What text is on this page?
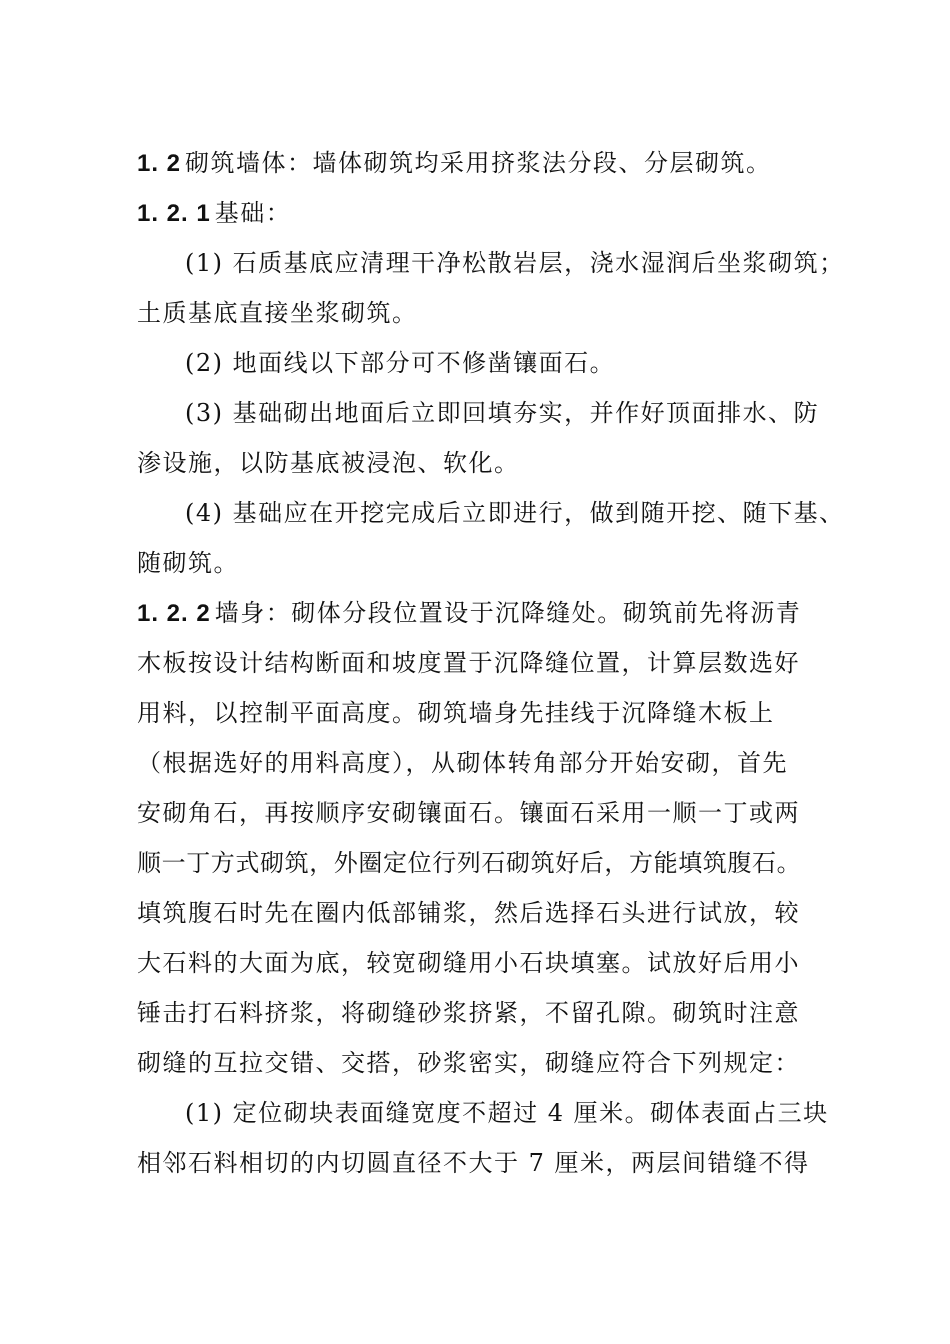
1. 2 砌筑墙体：墙体砌筑均采用挤浆法分段、分层砌筑。
1. 2. 1 基础：
(1) 石质基底应清理干净松散岩层，浇水湿润后坐浆砌筑；
土质基底直接坐浆砌筑。
(2) 地面线以下部分可不修凿镶面石。
(3) 基础砌出地面后立即回填夯实，并作好顶面排水、防
渗设施，以防基底被浸泡、软化。
(4) 基础应在开挖完成后立即进行，做到随开挖、随下基、
随砌筑。
1. 2. 2 墙身：砌体分段位置设于沉降缝处。砌筑前先将沥青
木板按设计结构断面和坡度置于沉降缝位置，计算层数选好
用料，以控制平面高度。砌筑墙身先挂线于沉降缝木板上
（根据选好的用料高度），从砌体转角部分开始安砌，首先
安砌角石，再按顺序安砌镶面石。镶面石采用一顺一丁或两
顺一丁方式砌筑，外圈定位行列石砌筑好后，方能填筑腹石。
填筑腹石时先在圈内低部铺浆，然后选择石头进行试放，较
大石料的大面为底，较宽砌缝用小石块填塞。试放好后用小
锤击打石料挤浆，将砌缝砂浆挤紧，不留孔隙。砌筑时注意
砌缝的互拉交错、交搭，砂浆密实，砌缝应符合下列规定：
(1) 定位砌块表面缝宽度不超过 4 厘米。砌体表面占三块
相邻石料相切的内切圆直径不大于 7 厘米，两层间错缝不得
